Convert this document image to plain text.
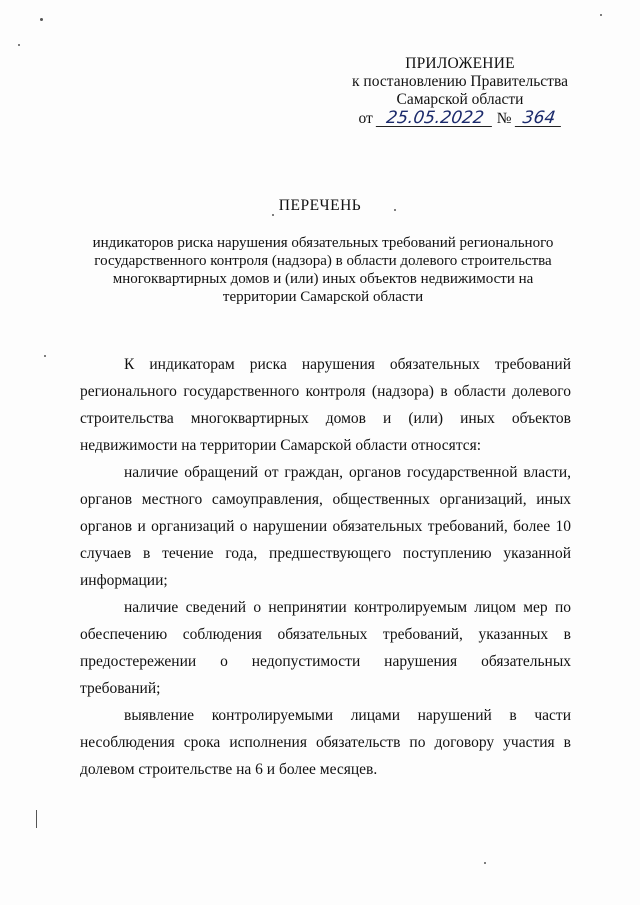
ПРИЛОЖЕНИЕ
к постановлению Правительства
Самарской области
от 25.05.2022 № 364
ПЕРЕЧЕНЬ
индикаторов риска нарушения обязательных требований регионального государственного контроля (надзора) в области долевого строительства многоквартирных домов и (или) иных объектов недвижимости на территории Самарской области

К индикаторам риска нарушения обязательных требований регионального государственного контроля (надзора) в области долевого строительства многоквартирных домов и (или) иных объектов недвижимости на территории Самарской области относятся:

наличие обращений от граждан, органов государственной власти, органов местного самоуправления, общественных организаций, иных органов и организаций о нарушении обязательных требований, более 10 случаев в течение года, предшествующего поступлению указанной информации;

наличие сведений о непринятии контролируемым лицом мер по обеспечению соблюдения обязательных требований, указанных в предостережении о недопустимости нарушения обязательных требований;

выявление контролируемыми лицами нарушений в части несоблюдения срока исполнения обязательств по договору участия в долевом строительстве на 6 и более месяцев.
